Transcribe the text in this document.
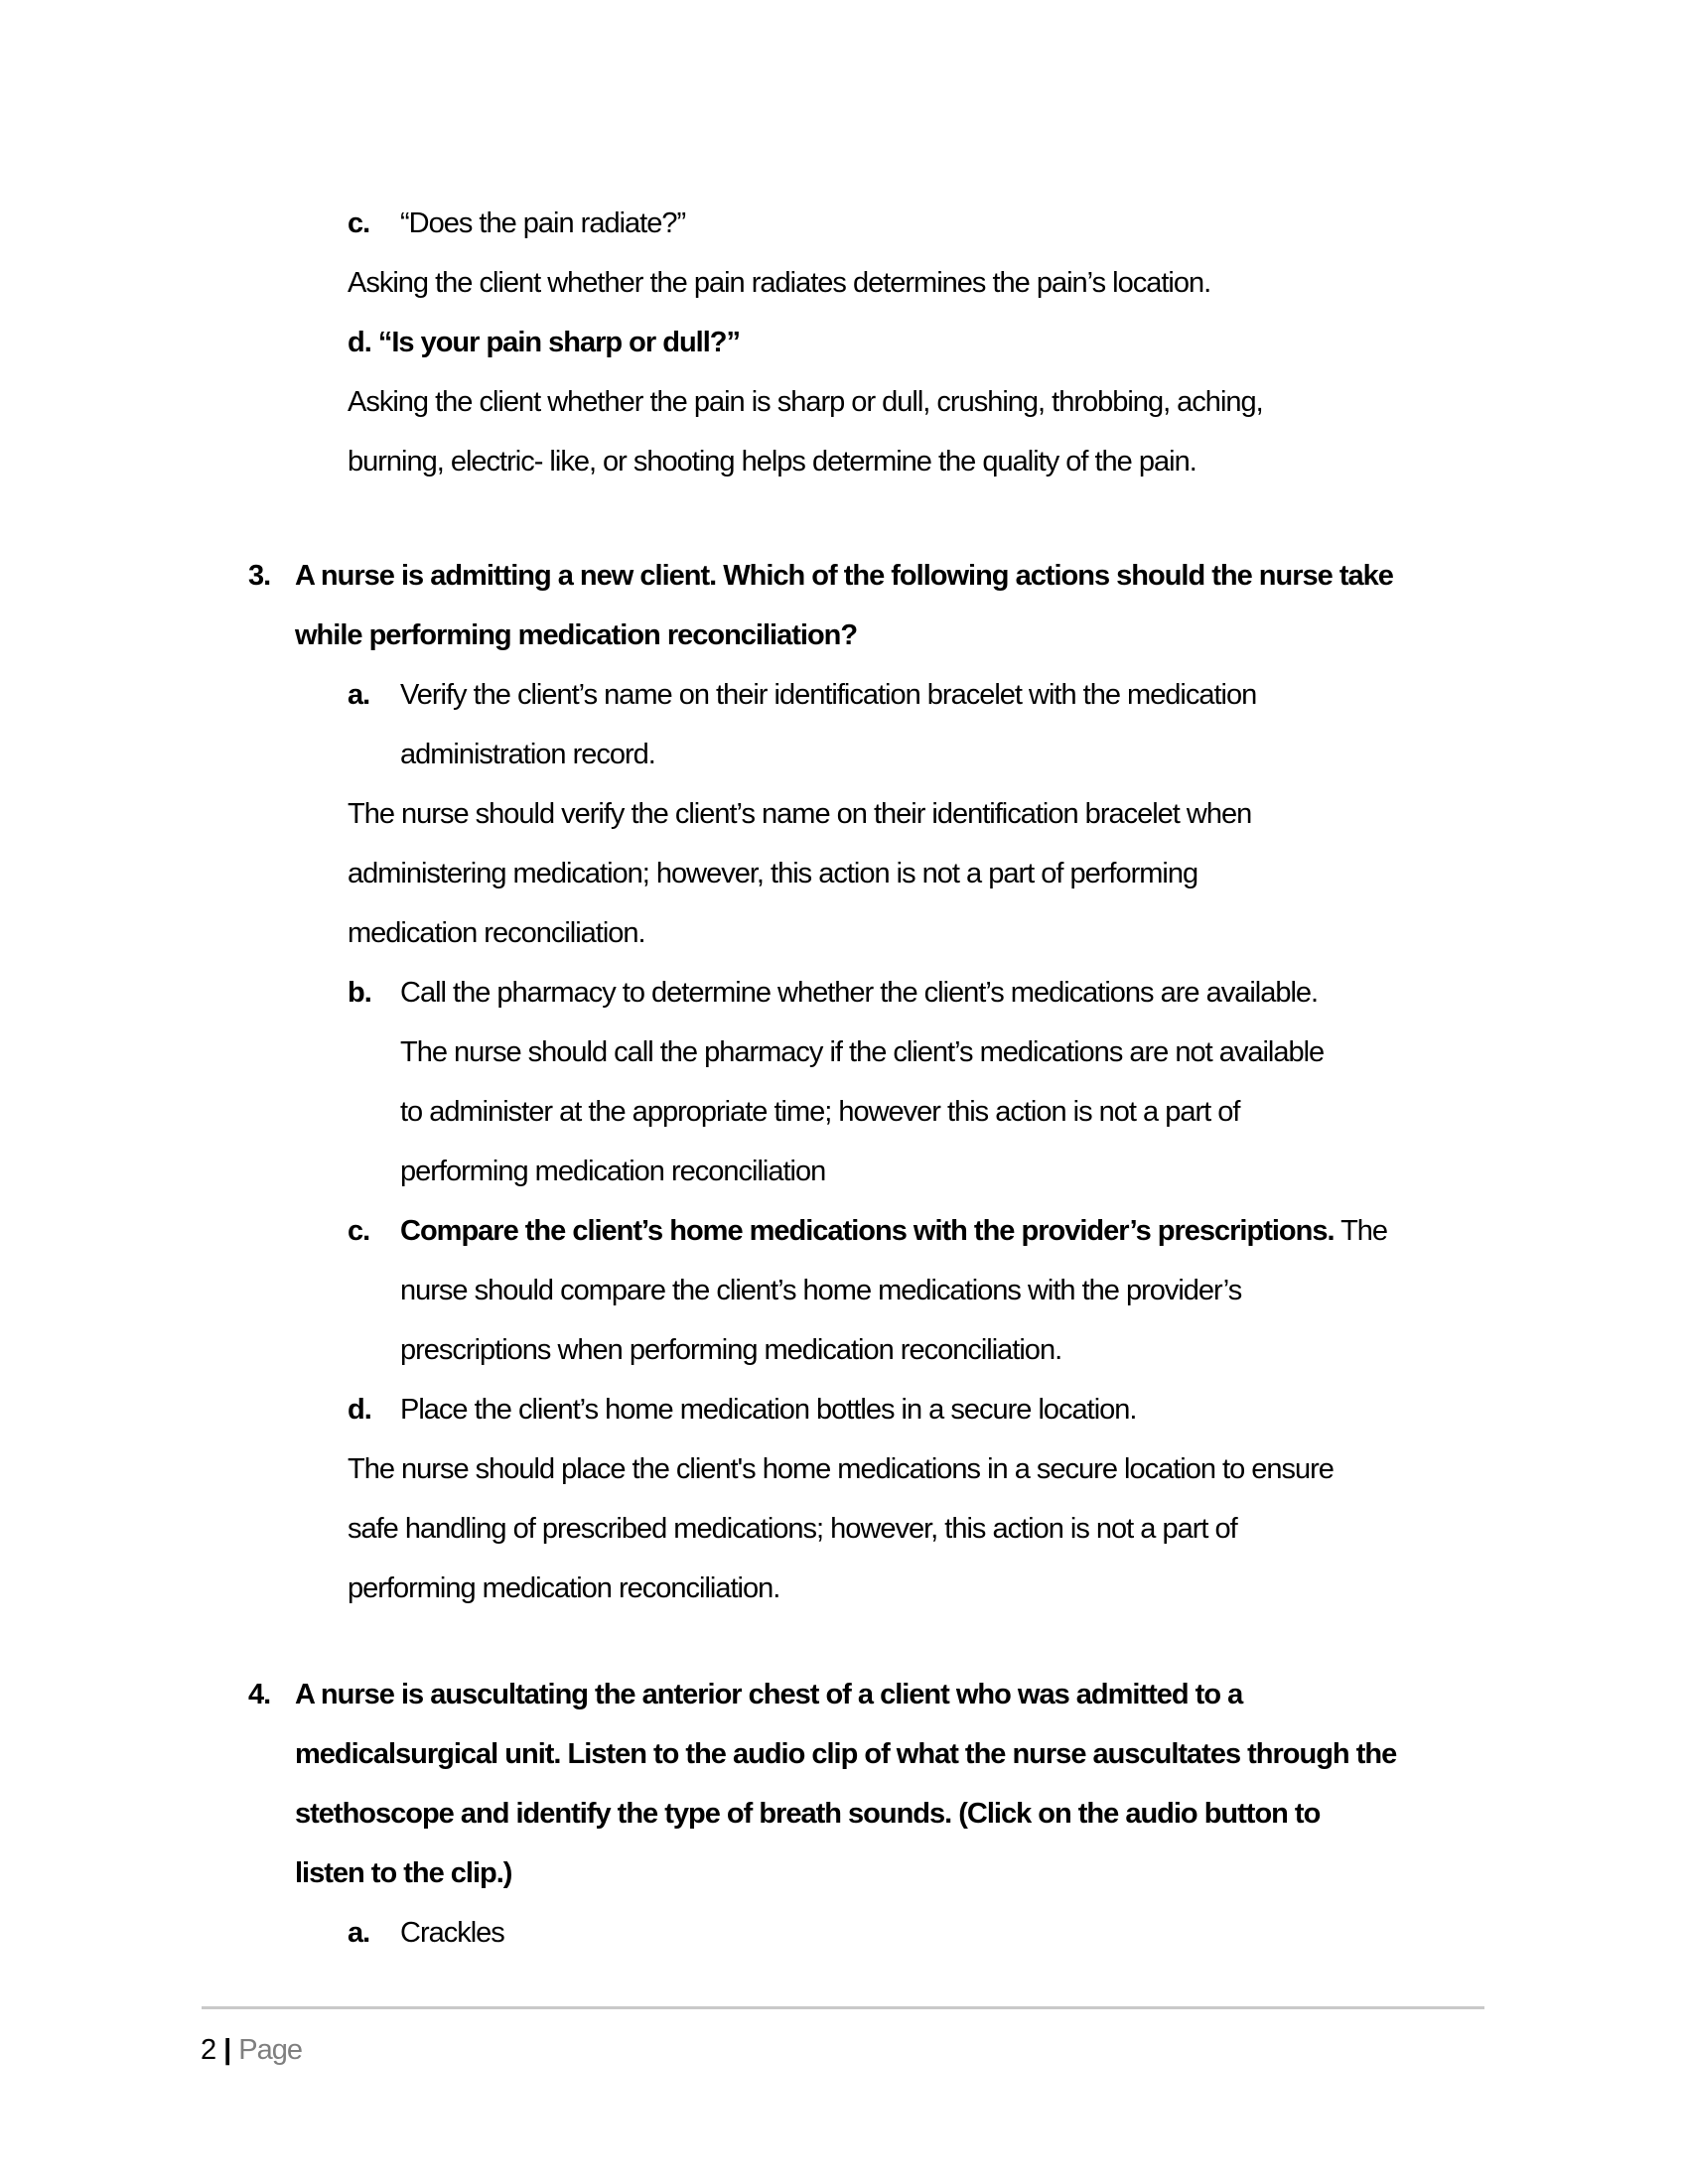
c. “Does the pain radiate?”
Asking the client whether the pain radiates determines the pain’s location.
d. “Is your pain sharp or dull?”
Asking the client whether the pain is sharp or dull, crushing, throbbing, aching,
burning, electric- like, or shooting helps determine the quality of the pain.
3. A nurse is admitting a new client. Which of the following actions should the nurse take
while performing medication reconciliation?
a. Verify the client’s name on their identification bracelet with the medication
administration record.
The nurse should verify the client’s name on their identification bracelet when
administering medication; however, this action is not a part of performing
medication reconciliation.
b. Call the pharmacy to determine whether the client’s medications are available.
The nurse should call the pharmacy if the client’s medications are not available
to administer at the appropriate time; however this action is not a part of
performing medication reconciliation
c. Compare the client’s home medications with the provider’s prescriptions. The
nurse should compare the client’s home medications with the provider’s
prescriptions when performing medication reconciliation.
d. Place the client’s home medication bottles in a secure location.
The nurse should place the client's home medications in a secure location to ensure
safe handling of prescribed medications; however, this action is not a part of
performing medication reconciliation.
4. A nurse is auscultating the anterior chest of a client who was admitted to a
medicalsurgical unit. Listen to the audio clip of what the nurse auscultates through the
stethoscope and identify the type of breath sounds. (Click on the audio button to
listen to the clip.)
a. Crackles
2 | Page
